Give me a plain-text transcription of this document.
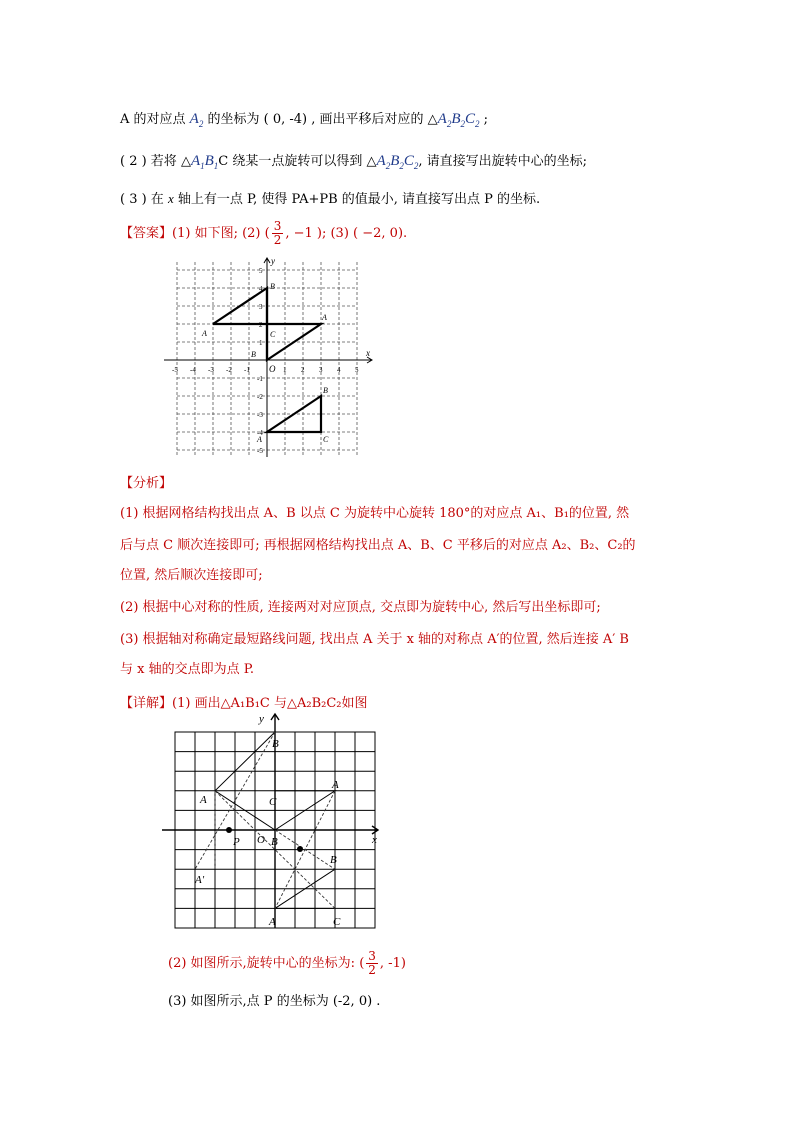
A 的对应点 $A_2$ 的坐标为 ( 0, -4) , 画出平移后对应的 $\triangle A_2B_2C_2$ ;
( 2 ) 若将 $\triangle A_1B_1C$ 绕某一点旋转可以得到 $\triangle A_2B_2C_2$, 请直接写出旋转中心的坐标;
( 3 ) 在 x 轴上有一点 P, 使得 PA+PB 的值最小, 请直接写出点 P 的坐标.
【答案】(1) 如下图; (2) ( $\frac{3}{2}$ , −1 ); (3) ( −2, 0).
-5 -4 -3 -2 -1	1 2 3 4 5
5
4
3
2
1
-1
-2
-3
-4
-5
x
y
O
A
B
C
B
A
B
A	C
【分析】
(1) 根据网格结构找出点 A、B 以点 C 为旋转中心旋转 180°的对应点 A₁、B₁的位置, 然
后与点 C 顺次连接即可; 再根据网格结构找出点 A、B、C 平移后的对应点 A₂、B₂、C₂的
位置, 然后顺次连接即可;
(2) 根据中心对称的性质, 连接两对对应顶点, 交点即为旋转中心, 然后写出坐标即可;
(3) 根据轴对称确定最短路线问题, 找出点 A 关于 x 轴的对称点 A′的位置, 然后连接 A′ B
与 x 轴的交点即为点 P.
【详解】(1) 画出△A₁B₁C 与△A₂B₂C₂如图
x
y
O
A
B
C
A
B
B
A	C
P
A′
(2) 如图所示,旋转中心的坐标为: ( $\frac{3}{2}$ , -1)
(3) 如图所示,点 P 的坐标为 (-2, 0) .
